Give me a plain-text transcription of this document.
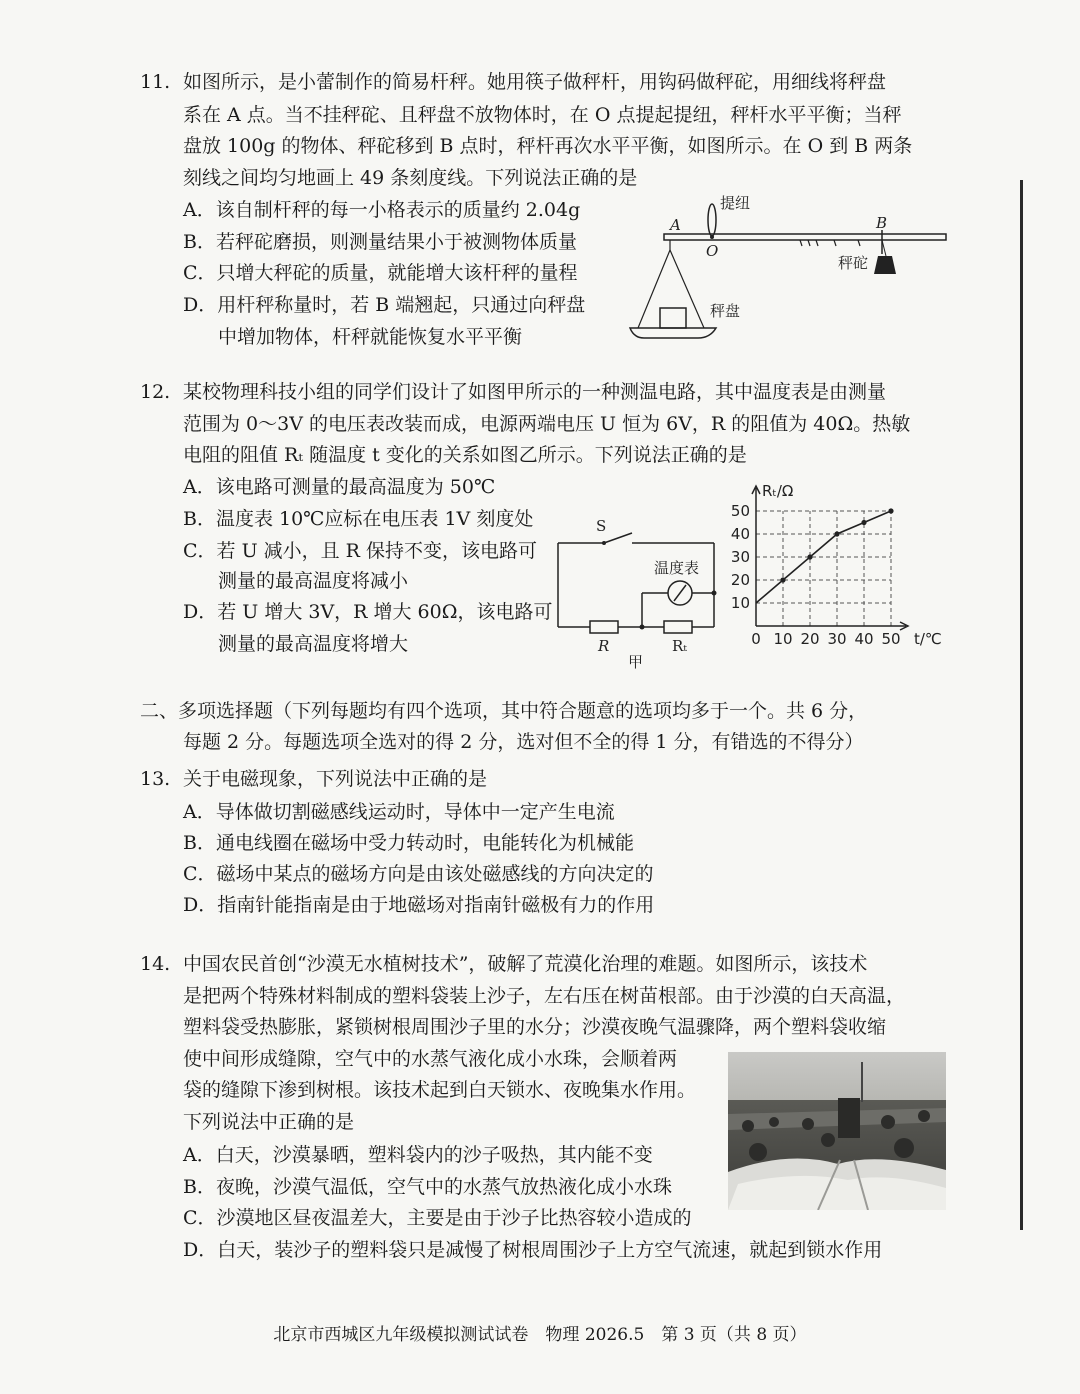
11. 如图所示，是小蕾制作的简易杆秤。她用筷子做秤杆，用钩码做秤砣，用细线将秤盘
系在 A 点。当不挂秤砣、且秤盘不放物体时，在 O 点提起提纽，秤杆水平平衡；当秤
盘放 100g 的物体、秤砣移到 B 点时，秤杆再次水平平衡，如图所示。在 O 到 B 两条
刻线之间均匀地画上 49 条刻度线。下列说法正确的是
A．该自制杆秤的每一小格表示的质量约 2.04g
B．若秤砣磨损，则测量结果小于被测物体质量
C．只增大秤砣的质量，就能增大该杆秤的量程
D．用杆秤称量时，若 B 端翘起，只通过向秤盘
中增加物体，杆秤就能恢复水平平衡
提纽
A
O
B
秤砣
秤盘
12. 某校物理科技小组的同学们设计了如图甲所示的一种测温电路，其中温度表是由测量
范围为 0～3V 的电压表改装而成，电源两端电压 U 恒为 6V，R 的阻值为 40Ω。热敏
电阻的阻值 Rₜ 随温度 t 变化的关系如图乙所示。下列说法正确的是
A．该电路可测量的最高温度为 50℃
B．温度表 10℃应标在电压表 1V 刻度处
C．若 U 减小，且 R 保持不变，该电路可
测量的最高温度将减小
D．若 U 增大 3V，R 增大 60Ω，该电路可
测量的最高温度将增大
S
温度表
R	Rₜ
甲
10
20
30
40
50
0 10 20 30 40 50
Rₜ/Ω
t/℃
二、多项选择题（下列每题均有四个选项，其中符合题意的选项均多于一个。共 6 分，
每题 2 分。每题选项全选对的得 2 分，选对但不全的得 1 分，有错选的不得分）
13. 关于电磁现象，下列说法中正确的是
A．导体做切割磁感线运动时，导体中一定产生电流
B．通电线圈在磁场中受力转动时，电能转化为机械能
C．磁场中某点的磁场方向是由该处磁感线的方向决定的
D．指南针能指南是由于地磁场对指南针磁极有力的作用
14. 中国农民首创“沙漠无水植树技术”，破解了荒漠化治理的难题。如图所示，该技术
是把两个特殊材料制成的塑料袋装上沙子，左右压在树苗根部。由于沙漠的白天高温，
塑料袋受热膨胀，紧锁树根周围沙子里的水分；沙漠夜晚气温骤降，两个塑料袋收缩
使中间形成缝隙，空气中的水蒸气液化成小水珠，会顺着两
袋的缝隙下渗到树根。该技术起到白天锁水、夜晚集水作用。
下列说法中正确的是
A．白天，沙漠暴晒，塑料袋内的沙子吸热，其内能不变
B．夜晚，沙漠气温低，空气中的水蒸气放热液化成小水珠
C．沙漠地区昼夜温差大，主要是由于沙子比热容较小造成的
D．白天，装沙子的塑料袋只是减慢了树根周围沙子上方空气流速，就起到锁水作用
北京市西城区九年级模拟测试试卷　物理 2026.5　第 3 页（共 8 页）
